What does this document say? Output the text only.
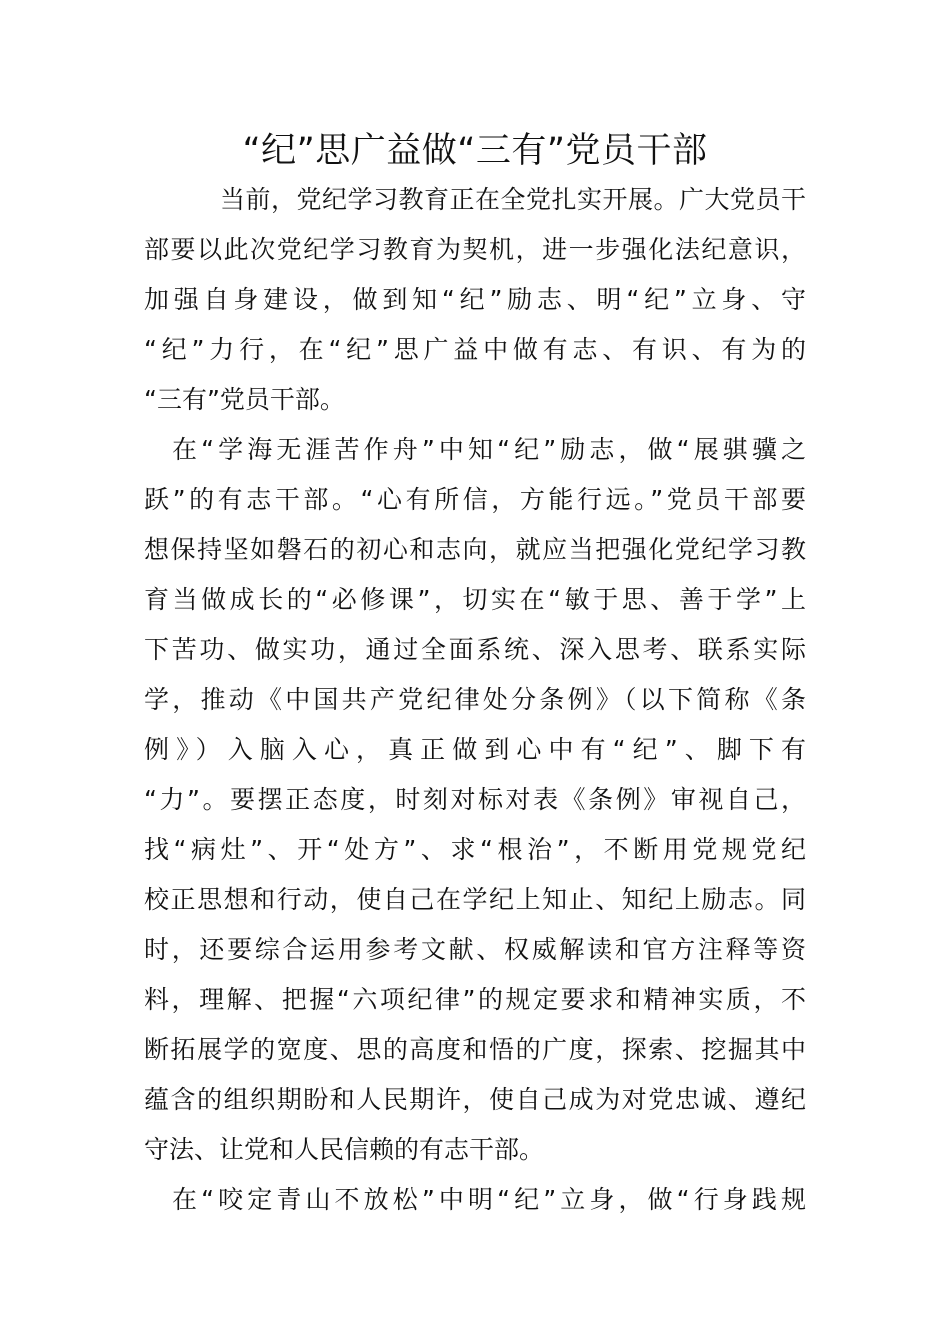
“纪”思广益做“三有”党员干部
当前，党纪学习教育正在全党扎实开展。广大党员干
部要以此次党纪学习教育为契机，进一步强化法纪意识，
加强自身建设，做到知“纪”励志、明“纪”立身、守
“纪”力行，在“纪”思广益中做有志、有识、有为的
“三有”党员干部。
在“学海无涯苦作舟”中知“纪”励志，做“展骐骥之
跃”的有志干部。“心有所信，方能行远。”党员干部要
想保持坚如磐石的初心和志向，就应当把强化党纪学习教
育当做成长的“必修课”，切实在“敏于思、善于学”上
下苦功、做实功，通过全面系统、深入思考、联系实际
学，推动《中国共产党纪律处分条例》（以下简称《条
例》）入脑入心，真正做到心中有“纪”、脚下有
“力”。要摆正态度，时刻对标对表《条例》审视自己，
找“病灶”、开“处方”、求“根治”，不断用党规党纪
校正思想和行动，使自己在学纪上知止、知纪上励志。同
时，还要综合运用参考文献、权威解读和官方注释等资
料，理解、把握“六项纪律”的规定要求和精神实质，不
断拓展学的宽度、思的高度和悟的广度，探索、挖掘其中
蕴含的组织期盼和人民期许，使自己成为对党忠诚、遵纪
守法、让党和人民信赖的有志干部。
在“咬定青山不放松”中明“纪”立身，做“行身践规
